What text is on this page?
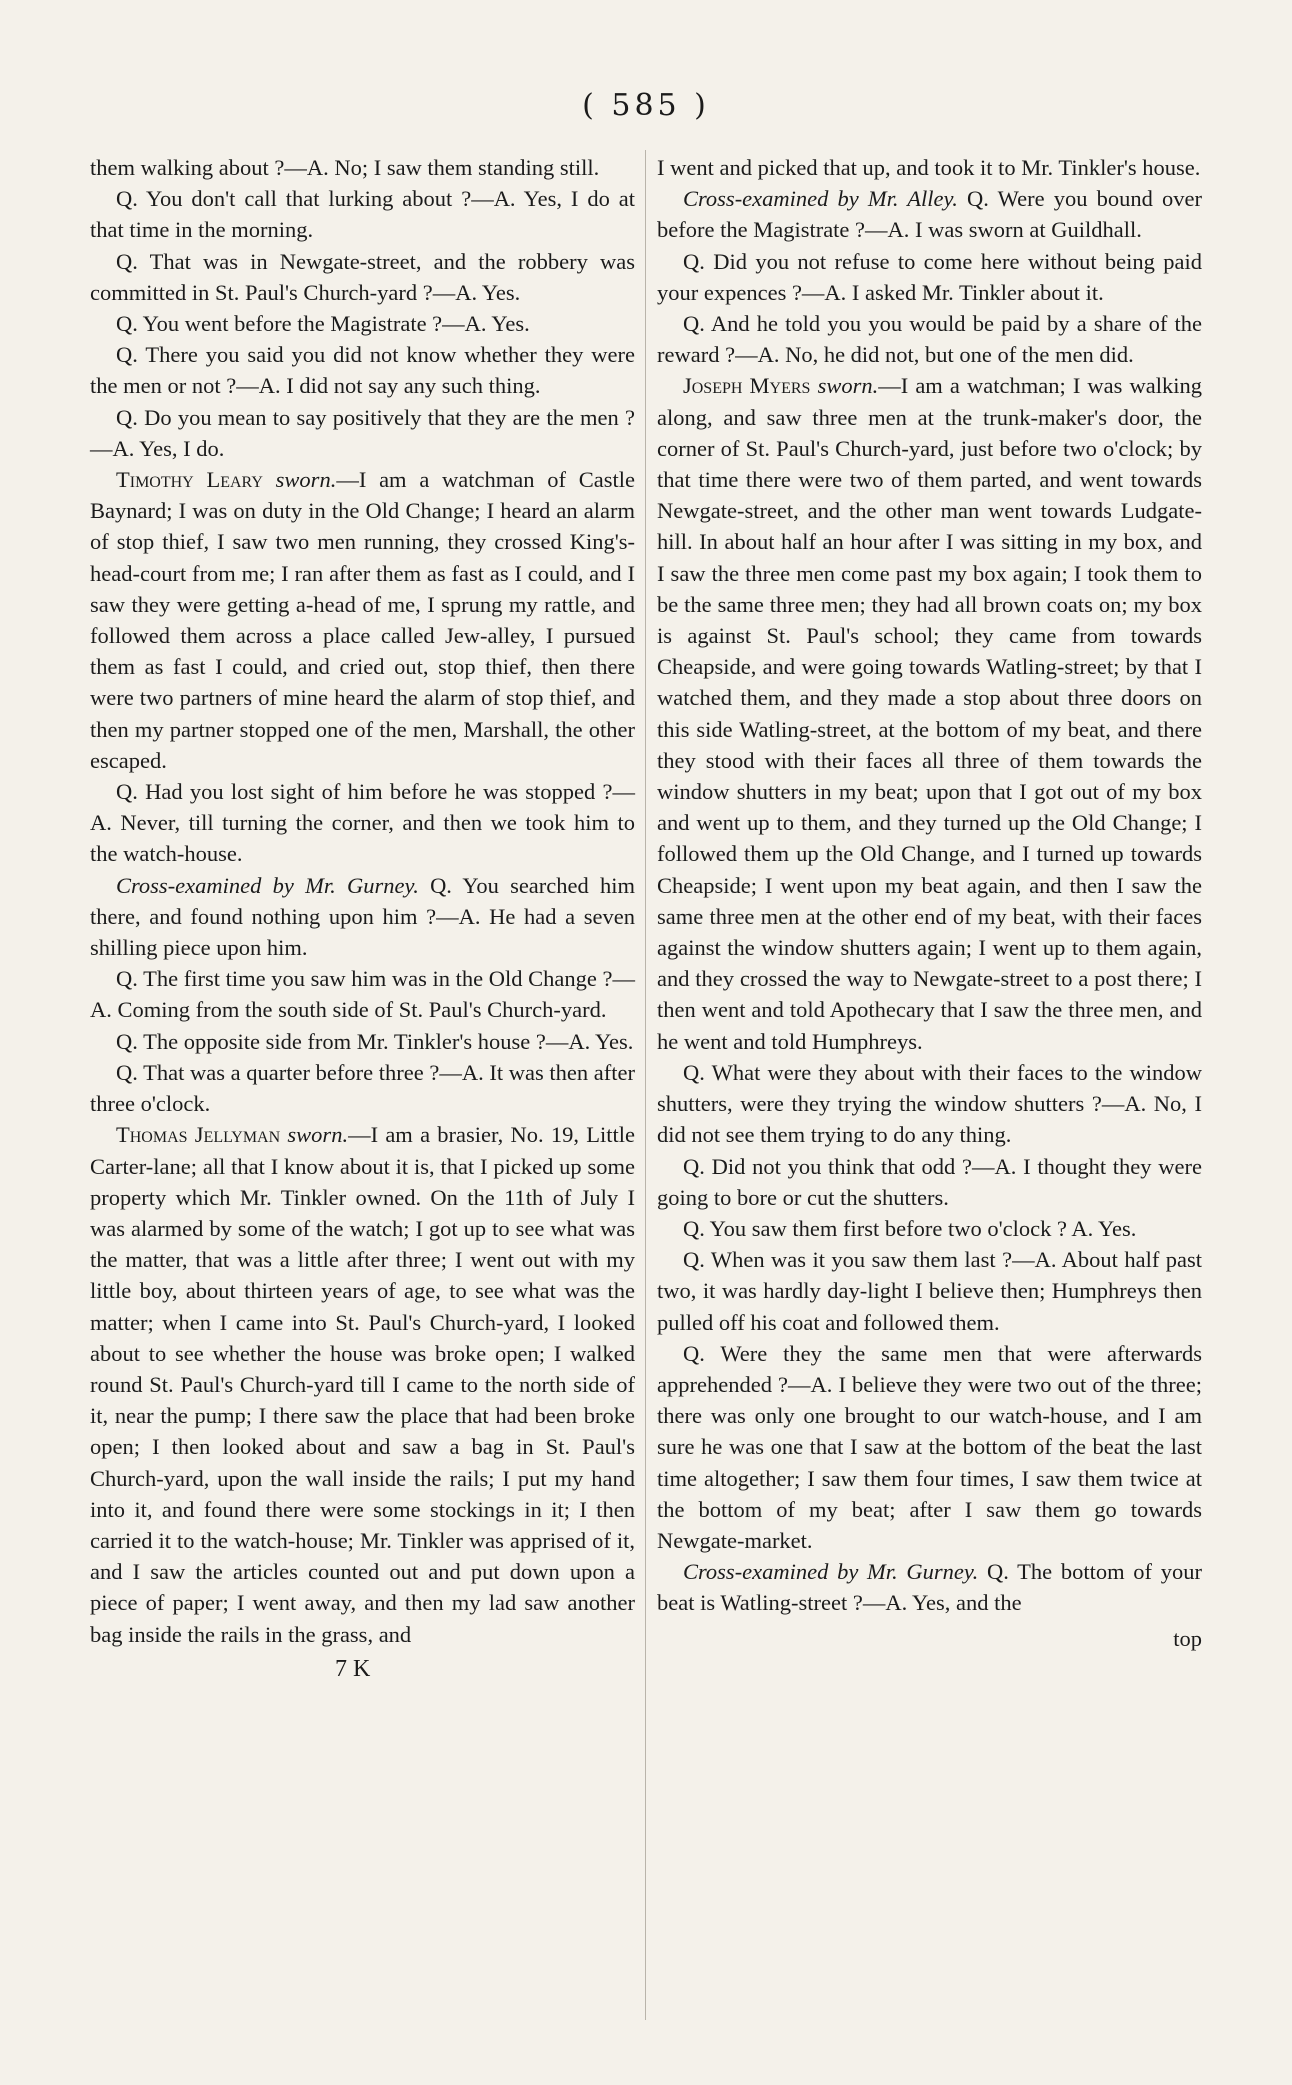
( 585 )

them walking about ?—A. No; I saw them standing still.

Q. You don't call that lurking about ?—A. Yes, I do at that time in the morning.

Q. That was in Newgate-street, and the robbery was committed in St. Paul's Church-yard ?—A. Yes.

Q. You went before the Magistrate ?—A. Yes.

Q. There you said you did not know whether they were the men or not ?—A. I did not say any such thing.

Q. Do you mean to say positively that they are the men ?—A. Yes, I do.

Timothy Leary sworn.—I am a watchman of Castle Baynard; I was on duty in the Old Change; I heard an alarm of stop thief, I saw two men running, they crossed King's-head-court from me; I ran after them as fast as I could, and I saw they were getting a-head of me, I sprung my rattle, and followed them across a place called Jew-alley, I pursued them as fast I could, and cried out, stop thief, then there were two partners of mine heard the alarm of stop thief, and then my partner stopped one of the men, Marshall, the other escaped.

Q. Had you lost sight of him before he was stopped ?—A. Never, till turning the corner, and then we took him to the watch-house.

Cross-examined by Mr. Gurney. Q. You searched him there, and found nothing upon him ?—A. He had a seven shilling piece upon him.

Q. The first time you saw him was in the Old Change ?—A. Coming from the south side of St. Paul's Church-yard.

Q. The opposite side from Mr. Tinkler's house ?—A. Yes.

Q. That was a quarter before three ?—A. It was then after three o'clock.

Thomas Jellyman sworn.—I am a brasier, No. 19, Little Carter-lane; all that I know about it is, that I picked up some property which Mr. Tinkler owned. On the 11th of July I was alarmed by some of the watch; I got up to see what was the matter, that was a little after three; I went out with my little boy, about thirteen years of age, to see what was the matter; when I came into St. Paul's Church-yard, I looked about to see whether the house was broke open; I walked round St. Paul's Church-yard till I came to the north side of it, near the pump; I there saw the place that had been broke open; I then looked about and saw a bag in St. Paul's Church-yard, upon the wall inside the rails; I put my hand into it, and found there were some stockings in it; I then carried it to the watch-house; Mr. Tinkler was apprised of it, and I saw the articles counted out and put down upon a piece of paper; I went away, and then my lad saw another bag inside the rails in the grass, and

7 K

I went and picked that up, and took it to Mr. Tinkler's house.

Cross-examined by Mr. Alley. Q. Were you bound over before the Magistrate ?—A. I was sworn at Guildhall.

Q. Did you not refuse to come here without being paid your expences ?—A. I asked Mr. Tinkler about it.

Q. And he told you you would be paid by a share of the reward ?—A. No, he did not, but one of the men did.

Joseph Myers sworn.—I am a watchman; I was walking along, and saw three men at the trunk-maker's door, the corner of St. Paul's Church-yard, just before two o'clock; by that time there were two of them parted, and went towards Newgate-street, and the other man went towards Ludgate-hill. In about half an hour after I was sitting in my box, and I saw the three men come past my box again; I took them to be the same three men; they had all brown coats on; my box is against St. Paul's school; they came from towards Cheapside, and were going towards Watling-street; by that I watched them, and they made a stop about three doors on this side Watling-street, at the bottom of my beat, and there they stood with their faces all three of them towards the window shutters in my beat; upon that I got out of my box and went up to them, and they turned up the Old Change; I followed them up the Old Change, and I turned up towards Cheapside; I went upon my beat again, and then I saw the same three men at the other end of my beat, with their faces against the window shutters again; I went up to them again, and they crossed the way to Newgate-street to a post there; I then went and told Apothecary that I saw the three men, and he went and told Humphreys.

Q. What were they about with their faces to the window shutters, were they trying the window shutters ?—A. No, I did not see them trying to do any thing.

Q. Did not you think that odd ?—A. I thought they were going to bore or cut the shutters.

Q. You saw them first before two o'clock ? A. Yes.

Q. When was it you saw them last ?—A. About half past two, it was hardly day-light I believe then; Humphreys then pulled off his coat and followed them.

Q. Were they the same men that were afterwards apprehended ?—A. I believe they were two out of the three; there was only one brought to our watch-house, and I am sure he was one that I saw at the bottom of the beat the last time altogether; I saw them four times, I saw them twice at the bottom of my beat; after I saw them go towards Newgate-market.

Cross-examined by Mr. Gurney. Q. The bottom of your beat is Watling-street ?—A. Yes, and the

top
